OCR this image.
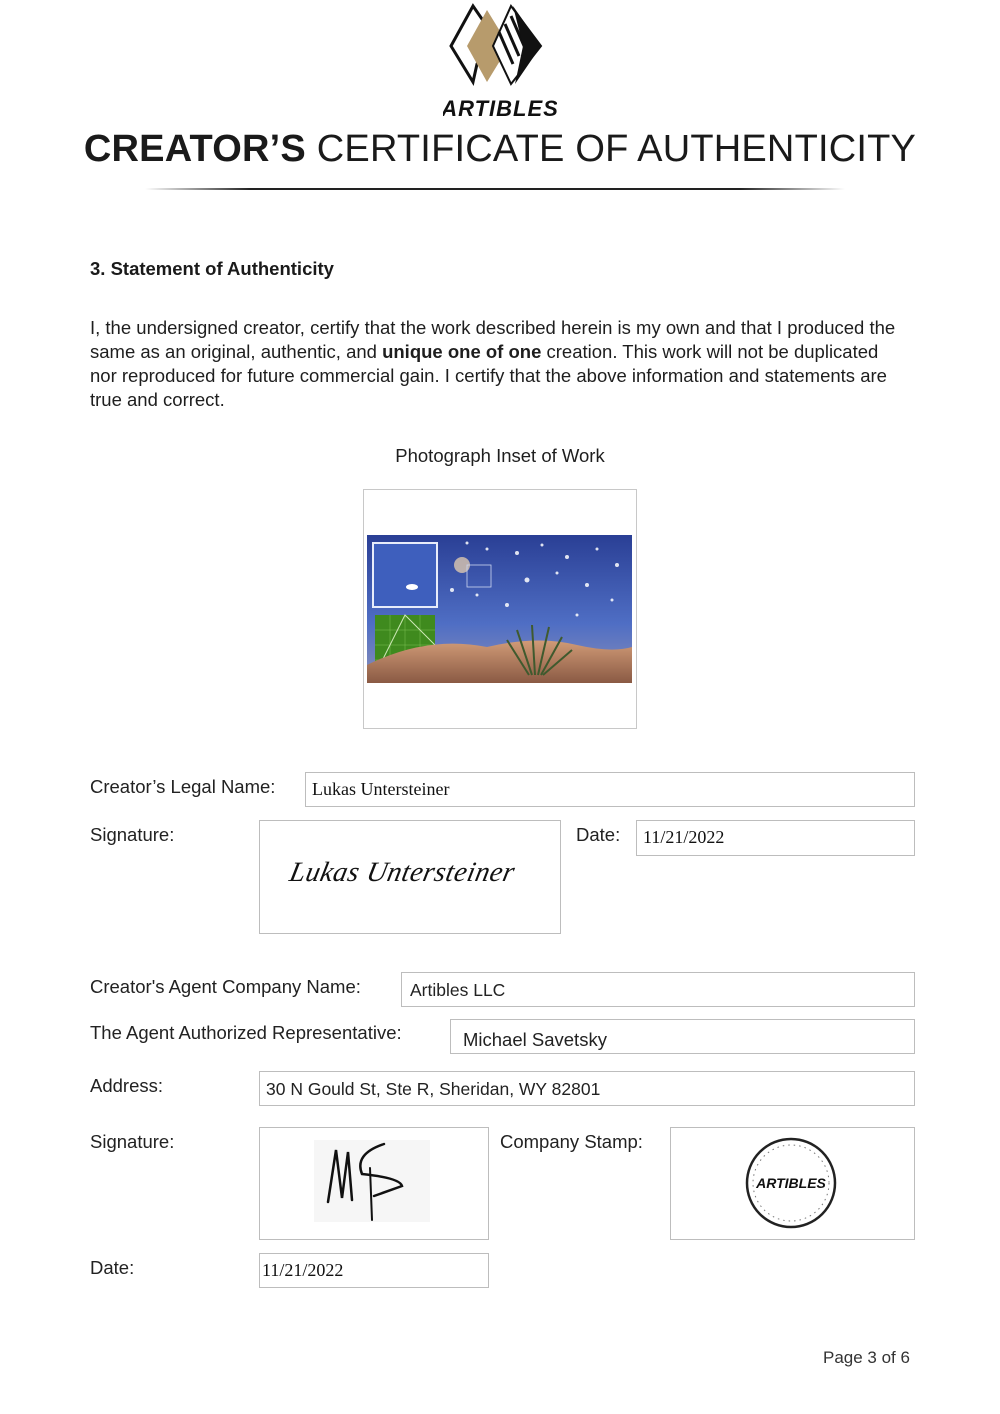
ARTIBLES
CREATOR’S CERTIFICATE OF AUTHENTICITY
3. Statement of Authenticity
I, the undersigned creator, certify that the work described herein is my own and that I produced the same as an original, authentic, and unique one of one creation. This work will not be duplicated nor reproduced for future commercial gain. I certify that the above information and statements are true and correct.
Photograph Inset of Work
Creator’s Legal Name: Lukas Untersteiner
Signature:
Lukas Untersteiner
Date: 11/21/2022
Creator's Agent Company Name:	Artibles LLC
The Agent Authorized Representative:	Michael Savetsky
Address:	30 N Gould St, Ste R, Sheridan, WY 82801
Signature:	Company Stamp:
ARTIBLES
Date:	11/21/2022
Page 3 of 6
